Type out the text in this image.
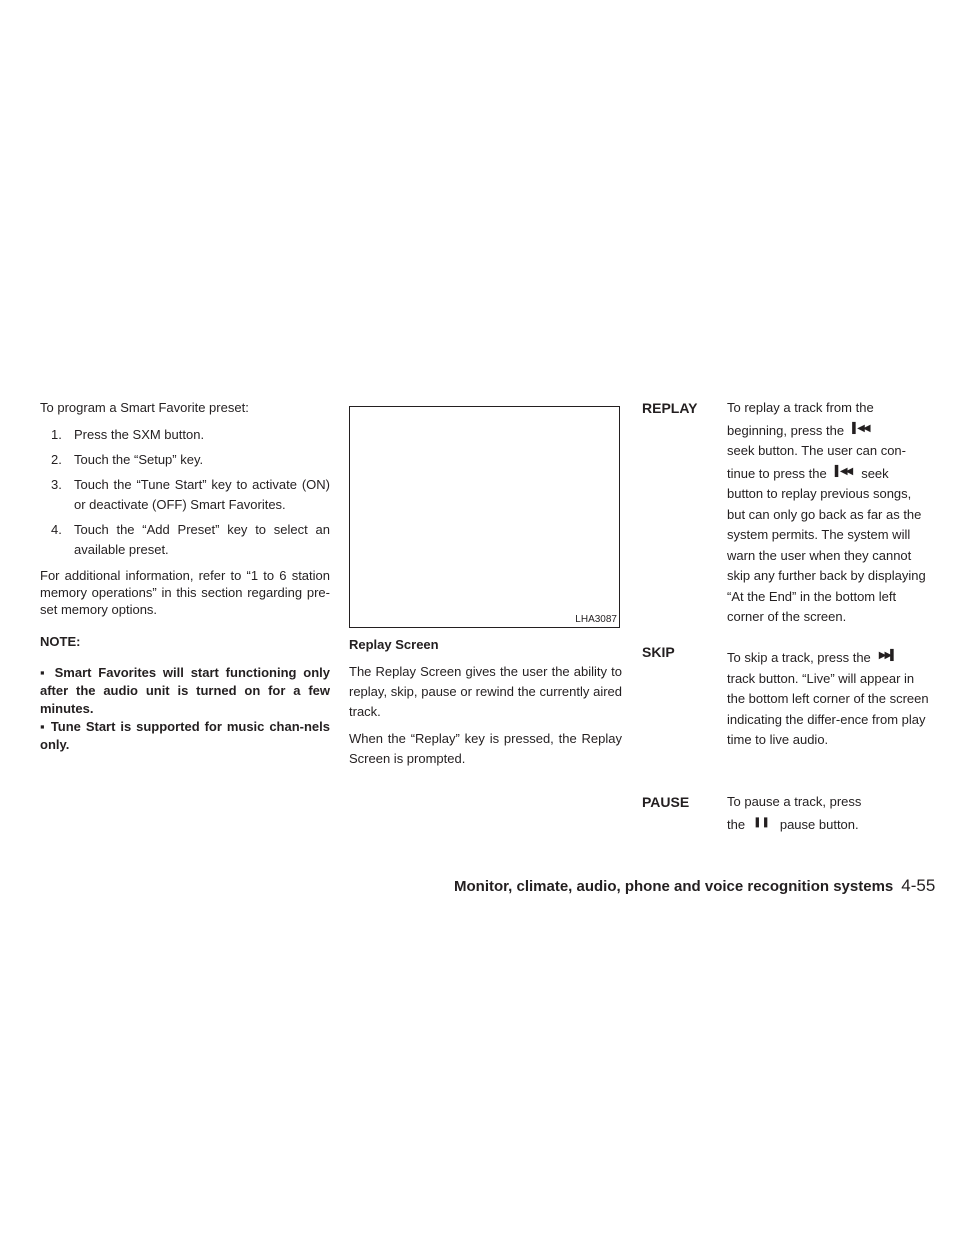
To program a Smart Favorite preset:

1. Press the SXM button.
2. Touch the “Setup” key.
3. Touch the “Tune Start” key to activate (ON) or deactivate (OFF) Smart Favorites.
4. Touch the “Add Preset” key to select an available preset.

For additional information, refer to “1 to 6 station memory operations” in this section regarding pre-set memory options.

NOTE:
▪ Smart Favorites will start functioning only after the audio unit is turned on for a few minutes.
▪ Tune Start is supported for music chan-nels only.
LHA3087
Replay Screen

The Replay Screen gives the user the ability to replay, skip, pause or rewind the currently aired track.

When the “Replay” key is pressed, the Replay Screen is prompted.

REPLAY To replay a track from the
beginning, press the ▌◀◀
seek button. The user can con-
tinue to press the ▌◀◀ seek
button to replay previous songs, but can only go back as far as the system permits. The system will warn the user when they cannot skip any further back by displaying “At the End” in the bottom left corner of the screen.
SKIP	To skip a track, press the ▶▶▌
track button. “Live” will appear in the bottom left corner of the screen indicating the differ-ence from play time to live audio.
PAUSE	To pause a track, press
the ❚❚ pause button.
Monitor, climate, audio, phone and voice recognition systems 4-55
